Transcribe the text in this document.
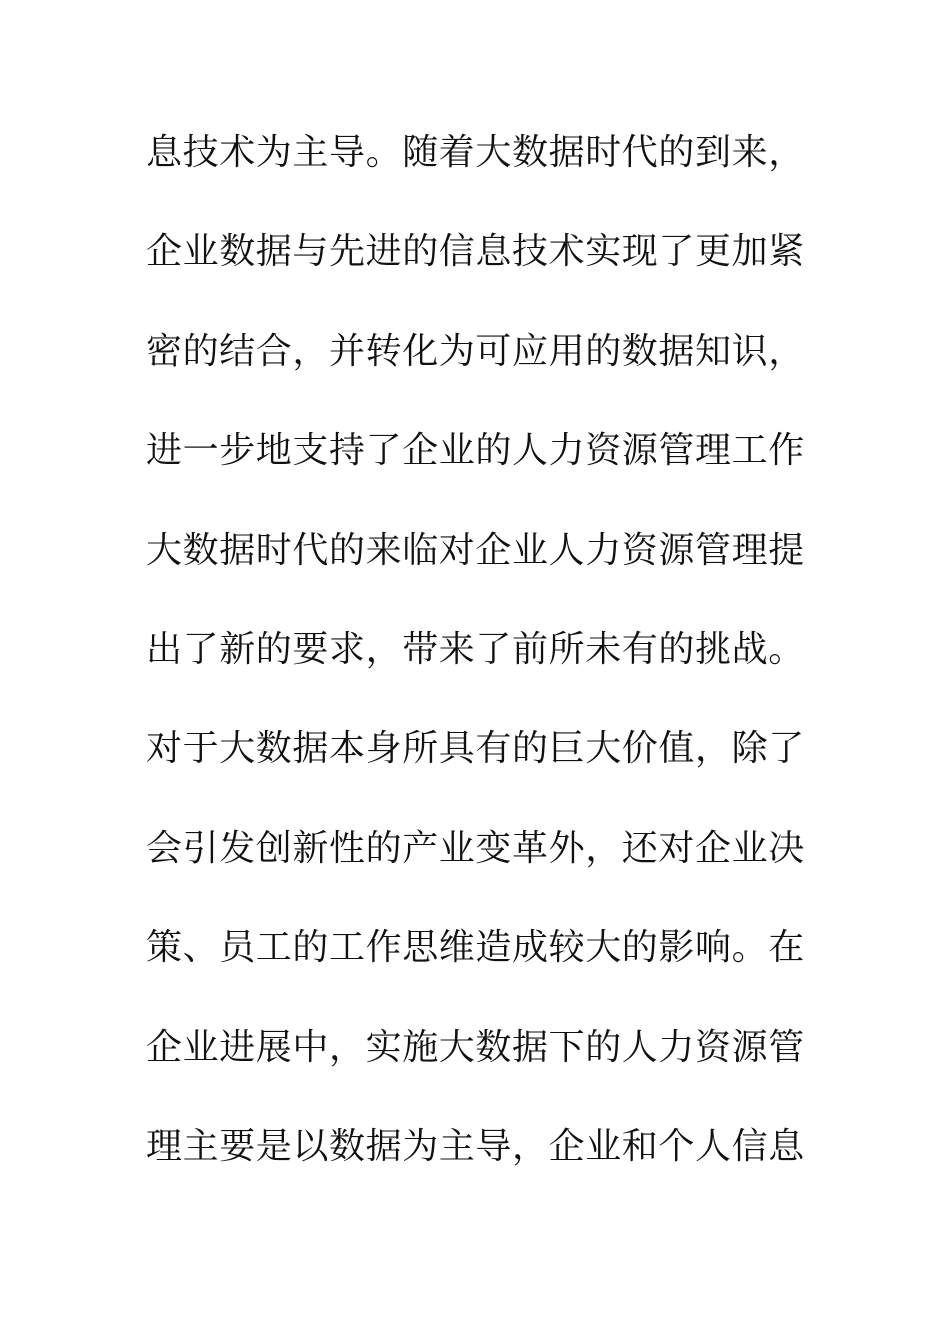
息技术为主导。随着大数据时代的到来，
企业数据与先进的信息技术实现了更加紧
密的结合，并转化为可应用的数据知识，
进一步地支持了企业的人力资源管理工作
大数据时代的来临对企业人力资源管理提
出了新的要求，带来了前所未有的挑战。
对于大数据本身所具有的巨大价值，除了
会引发创新性的产业变革外，还对企业决
策、员工的工作思维造成较大的影响。在
企业进展中，实施大数据下的人力资源管
理主要是以数据为主导，企业和个人信息
